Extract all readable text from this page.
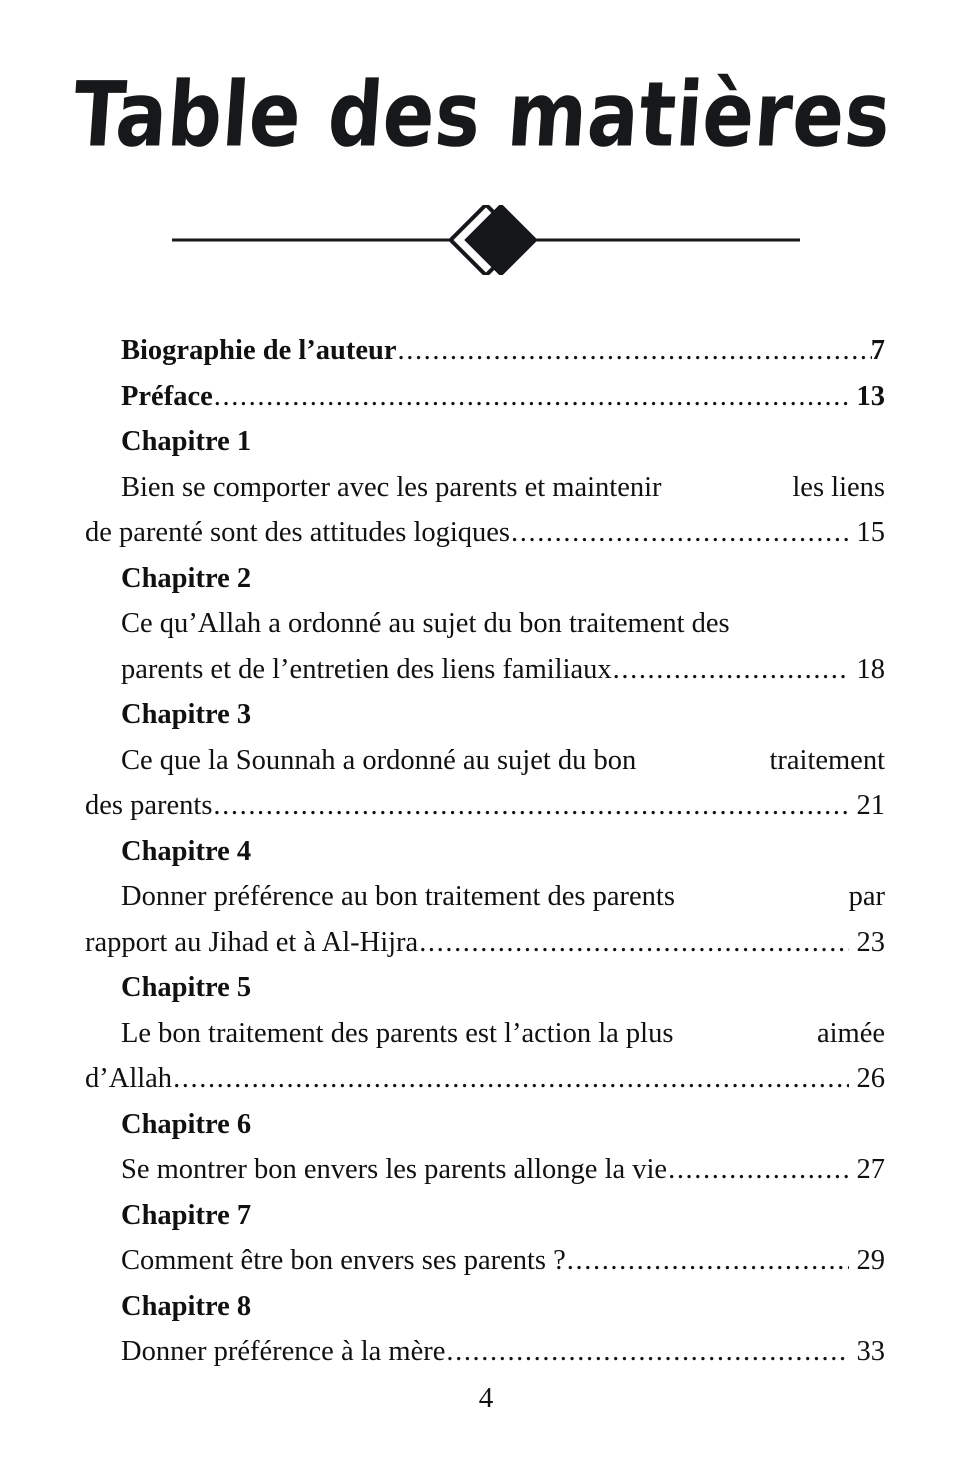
Table des matières
Biographie de l’auteur .....	7
Préface .....	13
Chapitre 1
Bien se comporter avec les parents et maintenir	les liens
de parenté sont des attitudes logiques .....	15
Chapitre 2
Ce qu’Allah a ordonné au sujet du bon traitement des
parents et de l’entretien des liens familiaux .....	18
Chapitre 3
Ce que la Sounnah a ordonné au sujet du bon	traitement
des parents .....	21
Chapitre 4
Donner préférence au bon traitement des parents	par
rapport au Jihad et à Al-Hijra .....	23
Chapitre 5
Le bon traitement des parents est l’action la plus	aimée
d’Allah .....	26
Chapitre 6
Se montrer bon envers les parents allonge la vie .....	27
Chapitre 7
Comment être bon envers ses parents ? .....	29
Chapitre 8
Donner préférence à la mère .....	33
4
